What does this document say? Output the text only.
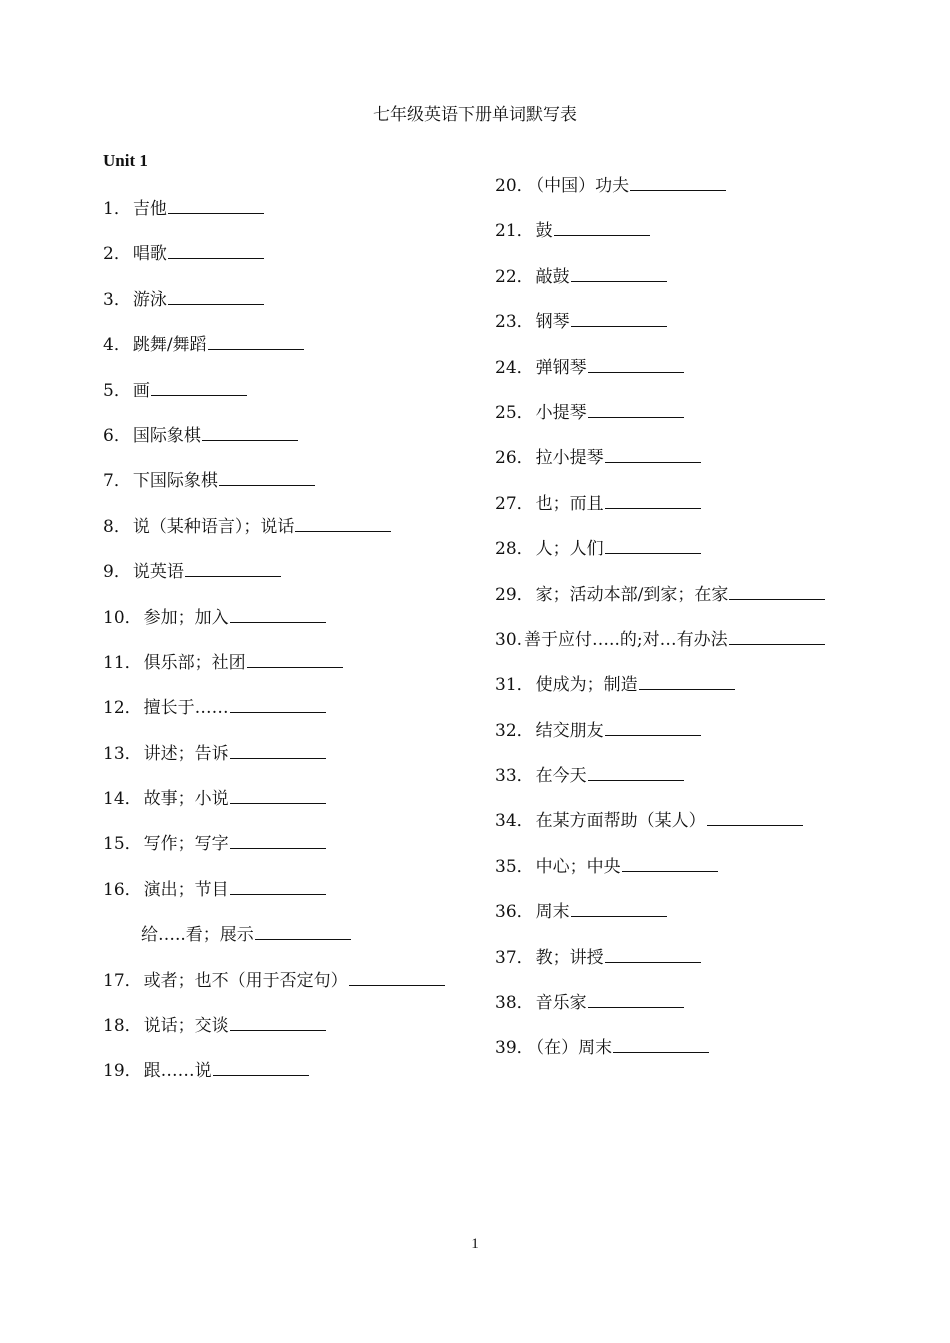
七年级英语下册单词默写表
Unit 1
1． 吉他
2． 唱歌
3． 游泳
4． 跳舞/舞蹈
5． 画
6． 国际象棋
7． 下国际象棋
8． 说（某种语言）；说话
9． 说英语
10． 参加；加入
11． 俱乐部；社团
12． 擅长于……
13． 讲述；告诉
14． 故事；小说
15． 写作；写字
16． 演出；节目
给…..看；展示
17． 或者；也不（用于否定句）
18． 说话；交谈
19． 跟……说
20． （中国）功夫
21． 鼓
22． 敲鼓
23． 钢琴
24． 弹钢琴
25． 小提琴
26． 拉小提琴
27． 也；而且
28． 人；人们
29． 家；活动本部/到家；在家
30. 善于应付…..的;对…有办法
31． 使成为；制造
32． 结交朋友
33． 在今天
34． 在某方面帮助（某人）
35． 中心；中央
36． 周末
37． 教；讲授
38． 音乐家
39． （在）周末
1
